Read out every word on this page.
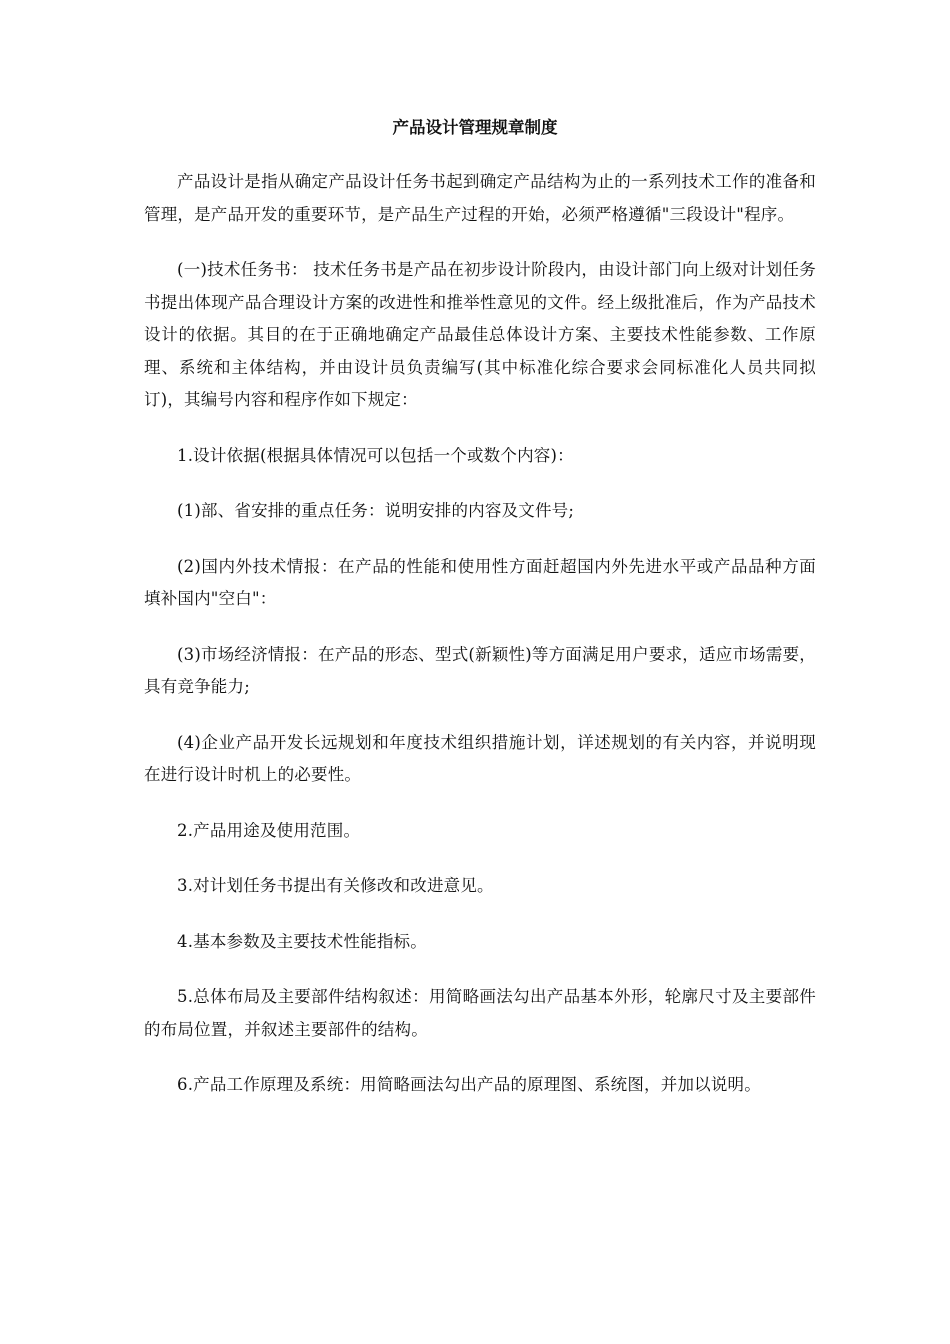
产品设计管理规章制度

产品设计是指从确定产品设计任务书起到确定产品结构为止的一系列技术工作的准备和管理，是产品开发的重要环节，是产品生产过程的开始，必须严格遵循"三段设计"程序。

(一)技术任务书： 技术任务书是产品在初步设计阶段内，由设计部门向上级对计划任务书提出体现产品合理设计方案的改进性和推举性意见的文件。经上级批准后，作为产品技术设计的依据。其目的在于正确地确定产品最佳总体设计方案、主要技术性能参数、工作原理、系统和主体结构，并由设计员负责编写(其中标准化综合要求会同标准化人员共同拟订)，其编号内容和程序作如下规定：

1.设计依据(根据具体情况可以包括一个或数个内容)：

(1)部、省安排的重点任务：说明安排的内容及文件号;

(2)国内外技术情报：在产品的性能和使用性方面赶超国内外先进水平或产品品种方面填补国内"空白"：

(3)市场经济情报：在产品的形态、型式(新颖性)等方面满足用户要求，适应市场需要，具有竞争能力;

(4)企业产品开发长远规划和年度技术组织措施计划，详述规划的有关内容，并说明现在进行设计时机上的必要性。

2.产品用途及使用范围。

3.对计划任务书提出有关修改和改进意见。

4.基本参数及主要技术性能指标。

5.总体布局及主要部件结构叙述：用简略画法勾出产品基本外形，轮廓尺寸及主要部件的布局位置，并叙述主要部件的结构。

6.产品工作原理及系统：用简略画法勾出产品的原理图、系统图，并加以说明。
